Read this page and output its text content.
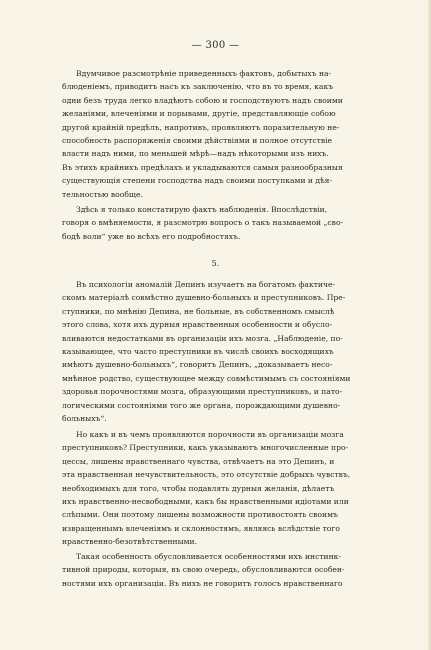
— 300 —

Вдумчивое разсмотрѣніе приведенныхъ фактовъ, добытыхъ на-
блюденіемъ, приводитъ насъ къ заключенію, что въ то время, какъ
одни безъ труда легко владѣютъ собою и господствуютъ надъ своими
желаніями, влеченіями и порывами, другіе, представляющіе собою
другой крайній предѣлъ, напротивъ, проявляютъ поразительную не-
способность распоряженія своими дѣйствіями и полное отсутствіе
власти надъ ними, по меньшей мѣрѣ—надъ нѣкоторыми изъ нихъ.
Въ этихъ крайнихъ предѣлахъ и укладываются самыя разнообразныя
существующія степени господства надъ своими поступками и дѣя-
тельностью вообще.

Здѣсь я только констатирую фактъ наблюденія. Впослѣдствіи,
говоря о вмѣняемости, я разсмотрю вопросъ о такъ называемой „сво-
бодѣ воли“ уже во всѣхъ его подробностяхъ.

5.

Въ психологіи аномалій Депинъ изучаетъ на богатомъ фактиче-
скомъ матеріалѣ совмѣстно душевно-больныхъ и преступниковъ. Пре-
ступники, по мнѣнію Депина, не больные, въ собственномъ смыслѣ
этого слова, хотя ихъ дурныя нравственныя особенности и обусло-
вливаются недостатками въ организаціи ихъ мозга. „Наблюденіе, по-
казывающее, что часто преступники въ числѣ своихъ восходящихъ
имѣютъ душевно-больныхъ“, говоритъ Депинъ, „доказываетъ несо-
мнѣнное родство, существующее между совмѣстимымъ съ состояніями
здоровья порочностями мозга, образующими преступниковъ, и пато-
логическими состояніями того же органа, порождающими душевно-
больныхъ“.

Но какъ и въ чемъ проявляются порочности въ организаціи мозга
преступниковъ? Преступники, какъ указываютъ многочисленные про-
цессы, лишены нравственнаго чувства, отвѣчаетъ на это Депинъ, и
эта нравственная нечувствительность, это отсутствіе добрыхъ чувствъ,
необходимыхъ для того, чтобы подавлять дурныя желанія, дѣлаетъ
ихъ нравственно-несвободными, какъ бы нравственными идіотами или
слѣпыми. Они поэтому лишены возможности противостоять своимъ
извращеннымъ влеченіямъ и склонностямъ, являясь вслѣдствіе того
нравственно-безотвѣтственными.

Такая особенность обусловливается особенностями ихъ инстинк-
тивной природы, которыя, въ свою очередь, обусловливаются особен-
ностями ихъ организаціи. Въ нихъ не говоритъ голосъ нравственнаго
